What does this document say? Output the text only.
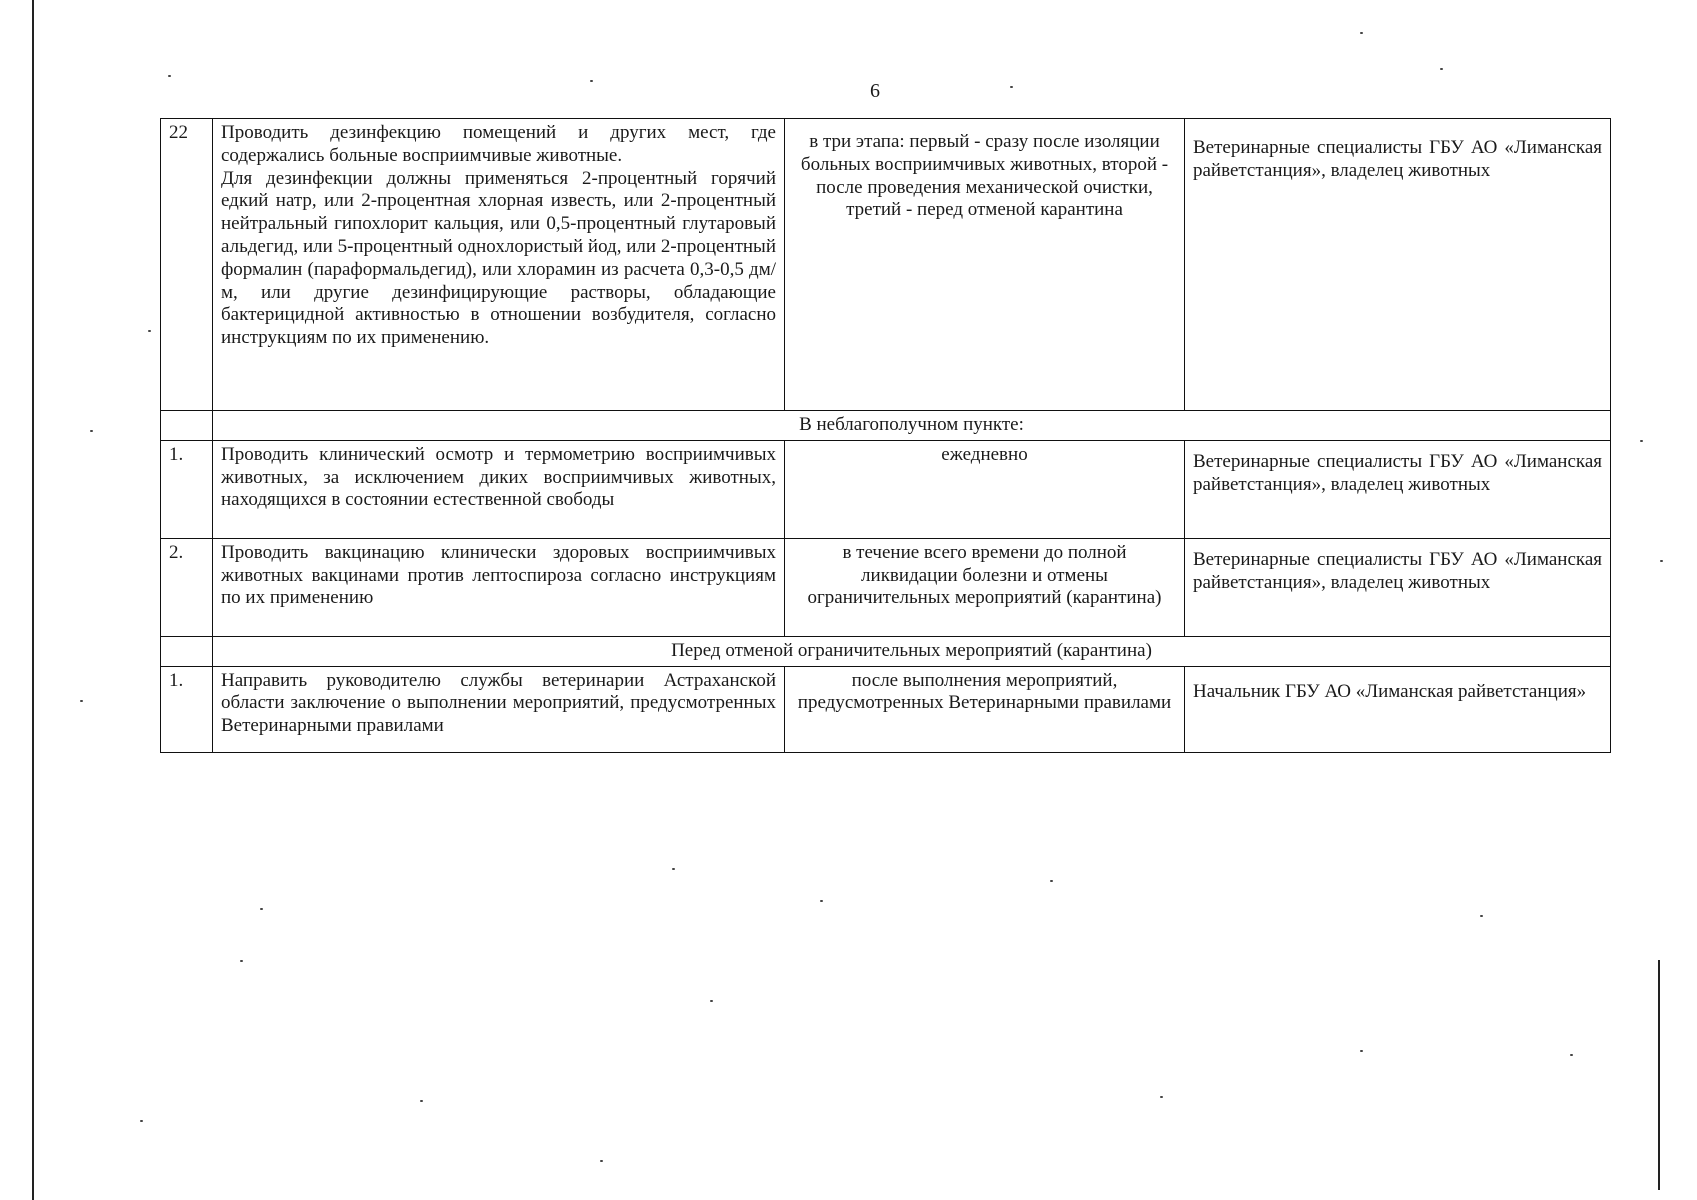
6
22	Проводить дезинфекцию помещений и других мест, где содержались больные восприимчивые животные.
Для дезинфекции должны применяться 2-процентный горячий едкий натр, или 2-процентная хлорная известь, или 2-процентный нейтральный гипохлорит кальция, или 0,5-процентный глутаровый альдегид, или 5-процентный однохлористый йод, или 2-процентный формалин (параформальдегид), или хлорамин из расчета 0,3-0,5 дм/м, или другие дезинфицирующие растворы, обладающие бактерицидной активностью в отношении возбудителя, согласно инструкциям по их применению.	в три этапа: первый - сразу после изоляции больных восприимчивых животных, второй - после проведения механической очистки, третий - перед отменой карантина	Ветеринарные специалисты ГБУ АО «Лиманская райветстанция», владелец животных
	В неблагополучном пункте:		
1.	Проводить клинический осмотр и термометрию восприимчивых животных, за исключением диких восприимчивых животных, находящихся в состоянии естественной свободы	ежедневно	Ветеринарные специалисты ГБУ АО «Лиманская райветстанция», владелец животных
2.	Проводить вакцинацию клинически здоровых восприимчивых животных вакцинами против лептоспироза согласно инструкциям по их применению	в течение всего времени до полной ликвидации болезни и отмены ограничительных мероприятий (карантина)	Ветеринарные специалисты ГБУ АО «Лиманская райветстанция», владелец животных
	Перед отменой ограничительных мероприятий (карантина)		
1.	Направить руководителю службы ветеринарии Астраханской области заключение о выполнении мероприятий, предусмотренных Ветеринарными правилами	после выполнения мероприятий, предусмотренных Ветеринарными правилами	Начальник ГБУ АО «Лиманская райветстанция»
